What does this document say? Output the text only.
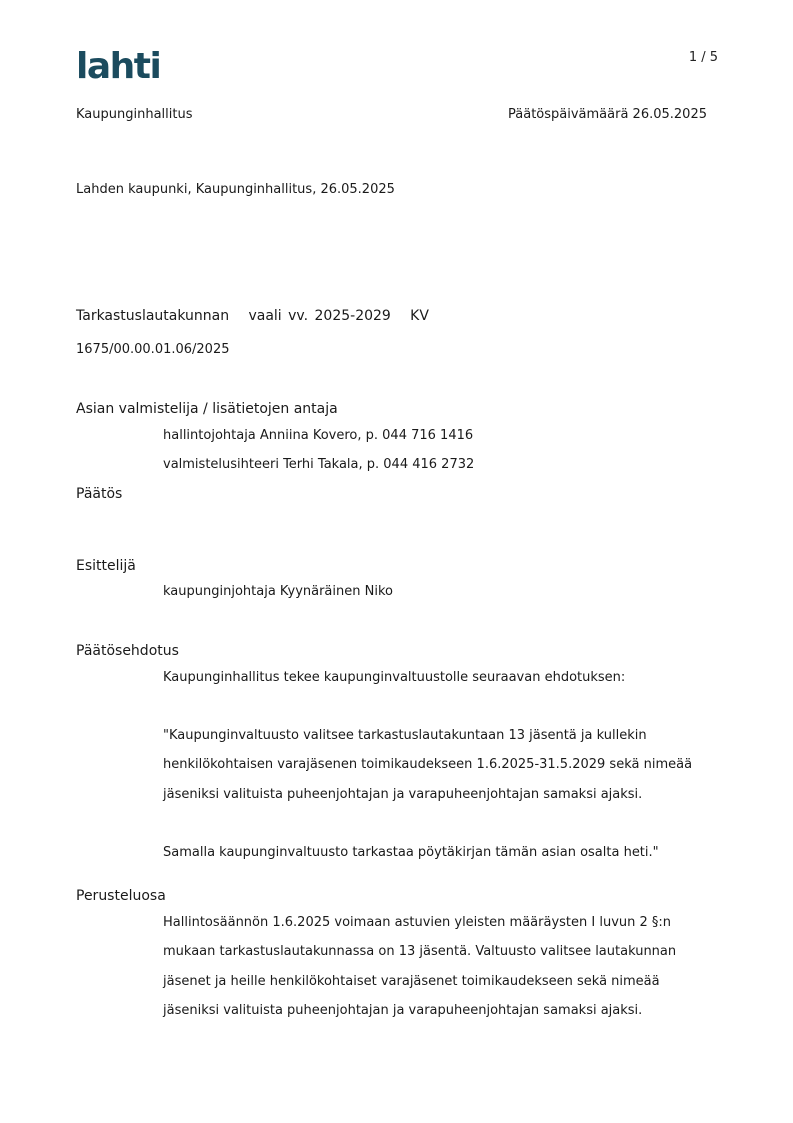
lahti	1 / 5
Kaupunginhallitus	Päätöspäivämäärä 26.05.2025
Lahden kaupunki, Kaupunginhallitus, 26.05.2025
Tarkastuslautakunnan   vaali vv. 2025-2029   KV
1675/00.00.01.06/2025
Asian valmistelija / lisätietojen antaja
hallintojohtaja Anniina Kovero, p. 044 716 1416
valmistelusihteeri Terhi Takala, p. 044 416 2732
Päätös
Esittelijä
kaupunginjohtaja Kyynäräinen Niko
Päätösehdotus
Kaupunginhallitus tekee kaupunginvaltuustolle seuraavan ehdotuksen:
"Kaupunginvaltuusto valitsee tarkastuslautakuntaan 13 jäsentä ja kullekin
henkilökohtaisen varajäsenen toimikaudekseen 1.6.2025-31.5.2029 sekä nimeää
jäseniksi valituista puheenjohtajan ja varapuheenjohtajan samaksi ajaksi.
Samalla kaupunginvaltuusto tarkastaa pöytäkirjan tämän asian osalta heti."
Perusteluosa
Hallintosäännön 1.6.2025 voimaan astuvien yleisten määräysten I luvun 2 §:n
mukaan tarkastuslautakunnassa on 13 jäsentä. Valtuusto valitsee lautakunnan
jäsenet ja heille henkilökohtaiset varajäsenet toimikaudekseen sekä nimeää
jäseniksi valituista puheenjohtajan ja varapuheenjohtajan samaksi ajaksi.
